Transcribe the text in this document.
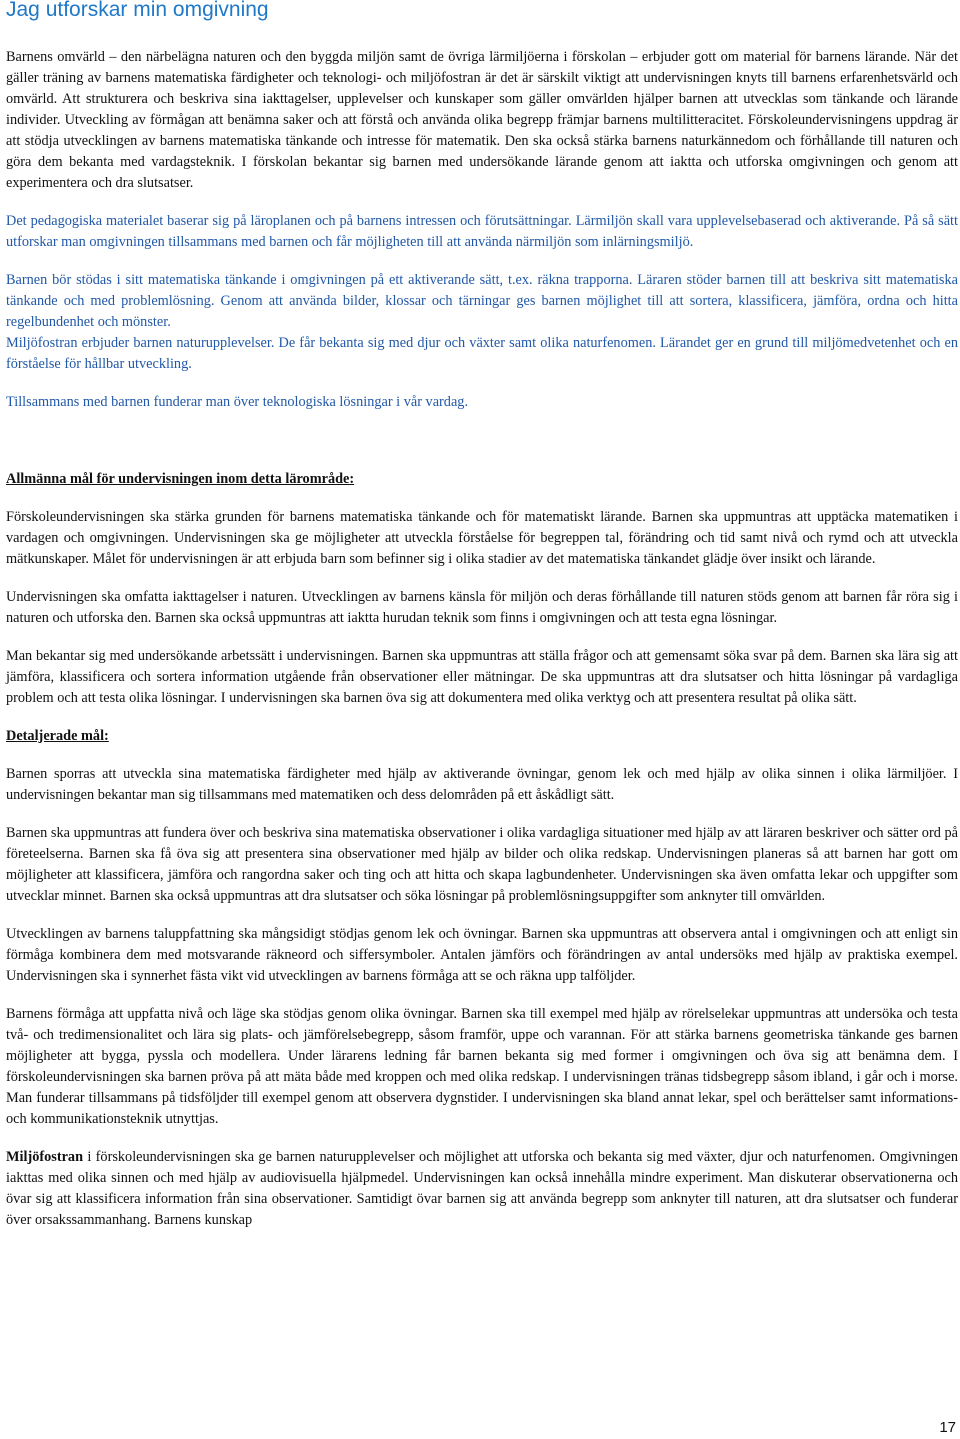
Jag utforskar min omgivning

Barnens omvärld – den närbelägna naturen och den byggda miljön samt de övriga lärmiljöerna i förskolan – erbjuder gott om material för barnens lärande. När det gäller träning av barnens matematiska färdigheter och teknologi- och miljöfostran är det är särskilt viktigt att undervisningen knyts till barnens erfarenhetsvärld och omvärld. Att strukturera och beskriva sina iakttagelser, upplevelser och kunskaper som gäller omvärlden hjälper barnen att utvecklas som tänkande och lärande individer. Utveckling av förmågan att benämna saker och att förstå och använda olika begrepp främjar barnens multilitteracitet. Förskoleundervisningens uppdrag är att stödja utvecklingen av barnens matematiska tänkande och intresse för matematik. Den ska också stärka barnens naturkännedom och förhållande till naturen och göra dem bekanta med vardagsteknik. I förskolan bekantar sig barnen med undersökande lärande genom att iaktta och utforska omgivningen och genom att experimentera och dra slutsatser.

Det pedagogiska materialet baserar sig på läroplanen och på barnens intressen och förutsättningar. Lärmiljön skall vara upplevelsebaserad och aktiverande. På så sätt utforskar man omgivningen tillsammans med barnen och får möjligheten till att använda närmiljön som inlärningsmiljö.

Barnen bör stödas i sitt matematiska tänkande i omgivningen på ett aktiverande sätt, t.ex. räkna trapporna. Läraren stöder barnen till att beskriva sitt matematiska tänkande och med problemlösning. Genom att använda bilder, klossar och tärningar ges barnen möjlighet till att sortera, klassificera, jämföra, ordna och hitta regelbundenhet och mönster.

Miljöfostran erbjuder barnen naturupplevelser. De får bekanta sig med djur och växter samt olika naturfenomen. Lärandet ger en grund till miljömedvetenhet och en förståelse för hållbar utveckling.

Tillsammans med barnen funderar man över teknologiska lösningar i vår vardag.

Allmänna mål för undervisningen inom detta lärområde:

Förskoleundervisningen ska stärka grunden för barnens matematiska tänkande och för matematiskt lärande. Barnen ska uppmuntras att upptäcka matematiken i vardagen och omgivningen. Undervisningen ska ge möjligheter att utveckla förståelse för begreppen tal, förändring och tid samt nivå och rymd och att utveckla mätkunskaper. Målet för undervisningen är att erbjuda barn som befinner sig i olika stadier av det matematiska tänkandet glädje över insikt och lärande.

Undervisningen ska omfatta iakttagelser i naturen. Utvecklingen av barnens känsla för miljön och deras förhållande till naturen stöds genom att barnen får röra sig i naturen och utforska den. Barnen ska också uppmuntras att iaktta hurudan teknik som finns i omgivningen och att testa egna lösningar.

Man bekantar sig med undersökande arbetssätt i undervisningen. Barnen ska uppmuntras att ställa frågor och att gemensamt söka svar på dem. Barnen ska lära sig att jämföra, klassificera och sortera information utgående från observationer eller mätningar. De ska uppmuntras att dra slutsatser och hitta lösningar på vardagliga problem och att testa olika lösningar. I undervisningen ska barnen öva sig att dokumentera med olika verktyg och att presentera resultat på olika sätt.

Detaljerade mål:

Barnen sporras att utveckla sina matematiska färdigheter med hjälp av aktiverande övningar, genom lek och med hjälp av olika sinnen i olika lärmiljöer. I undervisningen bekantar man sig tillsammans med matematiken och dess delområden på ett åskådligt sätt.

Barnen ska uppmuntras att fundera över och beskriva sina matematiska observationer i olika vardagliga situationer med hjälp av att läraren beskriver och sätter ord på företeelserna. Barnen ska få öva sig att presentera sina observationer med hjälp av bilder och olika redskap. Undervisningen planeras så att barnen har gott om möjligheter att klassificera, jämföra och rangordna saker och ting och att hitta och skapa lagbundenheter. Undervisningen ska även omfatta lekar och uppgifter som utvecklar minnet. Barnen ska också uppmuntras att dra slutsatser och söka lösningar på problemlösningsuppgifter som anknyter till omvärlden.

Utvecklingen av barnens taluppfattning ska mångsidigt stödjas genom lek och övningar. Barnen ska uppmuntras att observera antal i omgivningen och att enligt sin förmåga kombinera dem med motsvarande räkneord och siffersymboler. Antalen jämförs och förändringen av antal undersöks med hjälp av praktiska exempel. Undervisningen ska i synnerhet fästa vikt vid utvecklingen av barnens förmåga att se och räkna upp talföljder.

Barnens förmåga att uppfatta nivå och läge ska stödjas genom olika övningar. Barnen ska till exempel med hjälp av rörelselekar uppmuntras att undersöka och testa två- och tredimensionalitet och lära sig plats- och jämförelsebegrepp, såsom framför, uppe och varannan. För att stärka barnens geometriska tänkande ges barnen möjligheter att bygga, pyssla och modellera. Under lärarens ledning får barnen bekanta sig med former i omgivningen och öva sig att benämna dem. I förskoleundervisningen ska barnen pröva på att mäta både med kroppen och med olika redskap. I undervisningen tränas tidsbegrepp såsom ibland, i går och i morse. Man funderar tillsammans på tidsföljder till exempel genom att observera dygnstider. I undervisningen ska bland annat lekar, spel och berättelser samt informations- och kommunikationsteknik utnyttjas.

Miljöfostran i förskoleundervisningen ska ge barnen naturupplevelser och möjlighet att utforska och bekanta sig med växter, djur och naturfenomen. Omgivningen iakttas med olika sinnen och med hjälp av audiovisuella hjälpmedel. Undervisningen kan också innehålla mindre experiment. Man diskuterar observationerna och övar sig att klassificera information från sina observationer. Samtidigt övar barnen sig att använda begrepp som anknyter till naturen, att dra slutsatser och funderar över orsakssammanhang. Barnens kunskap

17
